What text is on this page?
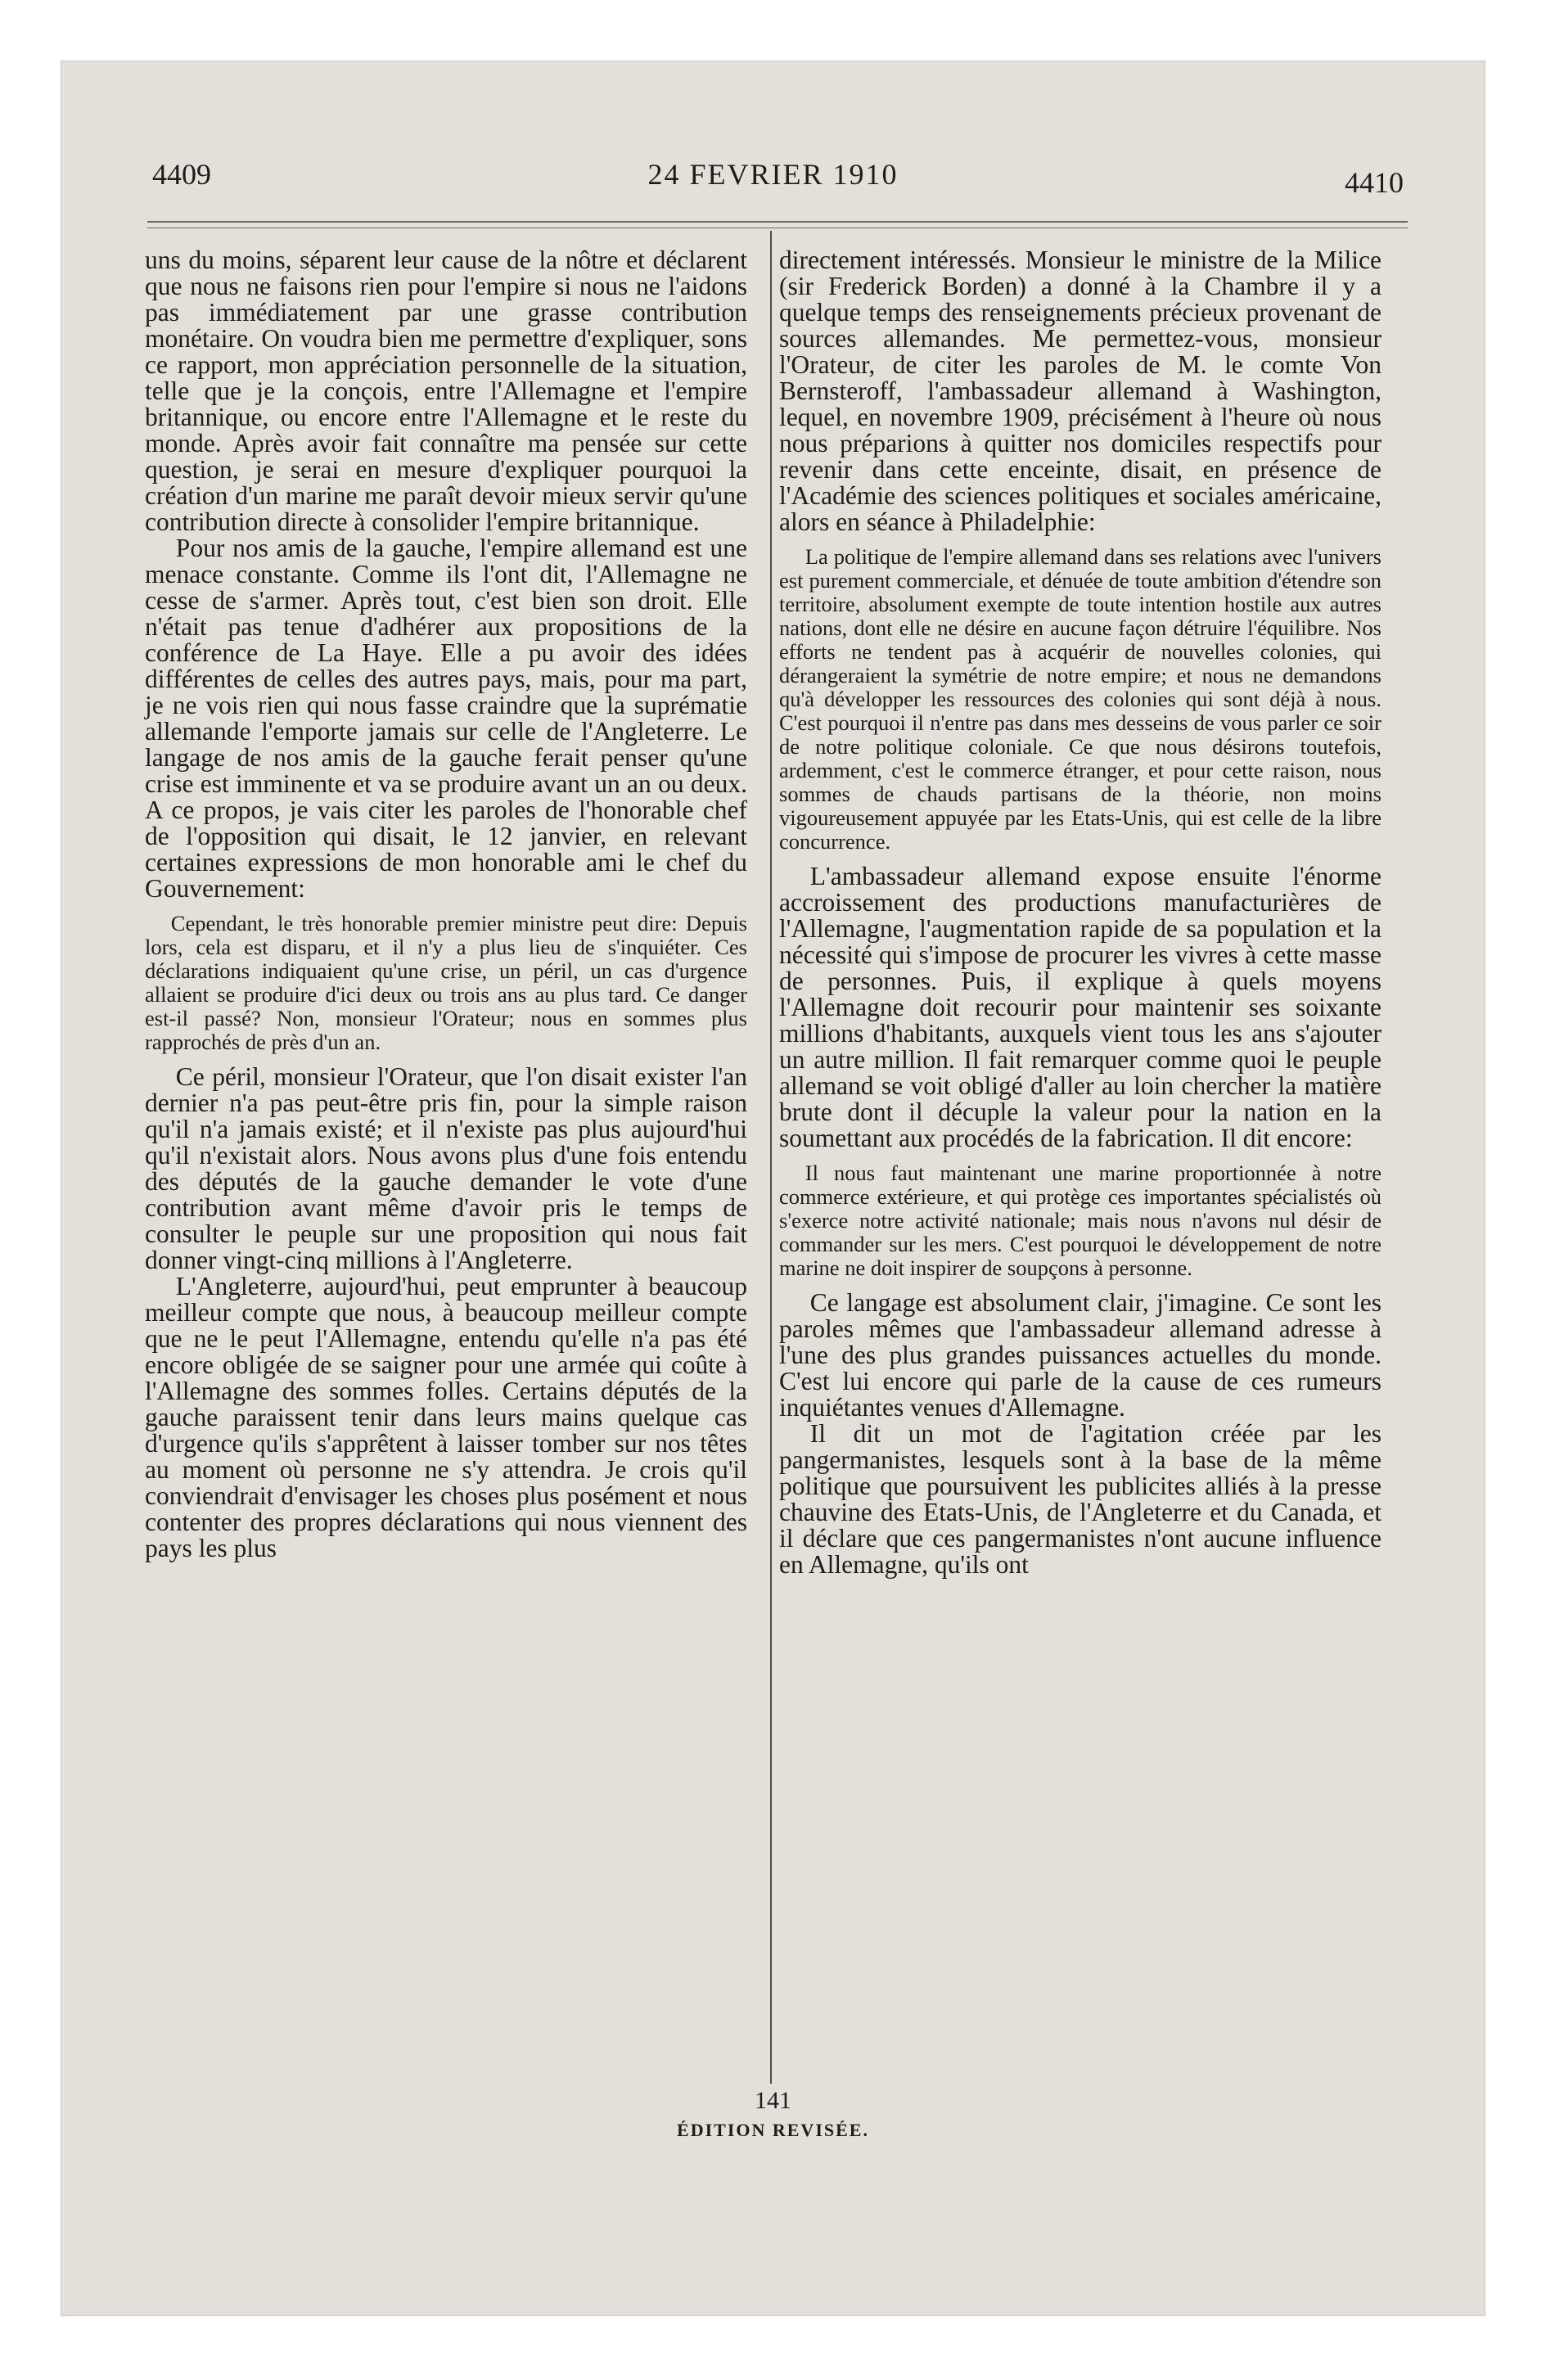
4409	24 FEVRIER 1910	4410

uns du moins, séparent leur cause de la nôtre et déclarent que nous ne faisons rien pour l'empire si nous ne l'aidons pas immédiatement par une grasse contribution monétaire. On voudra bien me permettre d'expliquer, sons ce rapport, mon appréciation personnelle de la situation, telle que je la conçois, entre l'Allemagne et l'empire britannique, ou encore entre l'Allemagne et le reste du monde. Après avoir fait connaître ma pensée sur cette question, je serai en mesure d'expliquer pourquoi la création d'un marine me paraît devoir mieux servir qu'une contribution directe à consolider l'empire britannique.

Pour nos amis de la gauche, l'empire allemand est une menace constante. Comme ils l'ont dit, l'Allemagne ne cesse de s'armer. Après tout, c'est bien son droit. Elle n'était pas tenue d'adhérer aux propositions de la conférence de La Haye. Elle a pu avoir des idées différentes de celles des autres pays, mais, pour ma part, je ne vois rien qui nous fasse craindre que la suprématie allemande l'emporte jamais sur celle de l'Angleterre. Le langage de nos amis de la gauche ferait penser qu'une crise est imminente et va se produire avant un an ou deux. A ce propos, je vais citer les paroles de l'honorable chef de l'opposition qui disait, le 12 janvier, en relevant certaines expressions de mon honorable ami le chef du Gouvernement:

Cependant, le très honorable premier ministre peut dire: Depuis lors, cela est disparu, et il n'y a plus lieu de s'inquiéter. Ces déclarations indiquaient qu'une crise, un péril, un cas d'urgence allaient se produire d'ici deux ou trois ans au plus tard. Ce danger est-il passé? Non, monsieur l'Orateur; nous en sommes plus rapprochés de près d'un an.

Ce péril, monsieur l'Orateur, que l'on disait exister l'an dernier n'a pas peut-être pris fin, pour la simple raison qu'il n'a jamais existé; et il n'existe pas plus aujourd'hui qu'il n'existait alors. Nous avons plus d'une fois entendu des députés de la gauche demander le vote d'une contribution avant même d'avoir pris le temps de consulter le peuple sur une proposition qui nous fait donner vingt-cinq millions à l'Angleterre.

L'Angleterre, aujourd'hui, peut emprunter à beaucoup meilleur compte que nous, à beaucoup meilleur compte que ne le peut l'Allemagne, entendu qu'elle n'a pas été encore obligée de se saigner pour une armée qui coûte à l'Allemagne des sommes folles. Certains députés de la gauche paraissent tenir dans leurs mains quelque cas d'urgence qu'ils s'apprêtent à laisser tomber sur nos têtes au moment où personne ne s'y attendra. Je crois qu'il conviendrait d'envisager les choses plus posément et nous contenter des propres déclarations qui nous viennent des pays les plus

directement intéressés. Monsieur le ministre de la Milice (sir Frederick Borden) a donné à la Chambre il y a quelque temps des renseignements précieux provenant de sources allemandes. Me permettez-vous, monsieur l'Orateur, de citer les paroles de M. le comte Von Bernsteroff, l'ambassadeur allemand à Washington, lequel, en novembre 1909, précisément à l'heure où nous nous préparions à quitter nos domiciles respectifs pour revenir dans cette enceinte, disait, en présence de l'Académie des sciences politiques et sociales américaine, alors en séance à Philadelphie:

La politique de l'empire allemand dans ses relations avec l'univers est purement commerciale, et dénuée de toute ambition d'étendre son territoire, absolument exempte de toute intention hostile aux autres nations, dont elle ne désire en aucune façon détruire l'équilibre. Nos efforts ne tendent pas à acquérir de nouvelles colonies, qui dérangeraient la symétrie de notre empire; et nous ne demandons qu'à développer les ressources des colonies qui sont déjà à nous. C'est pourquoi il n'entre pas dans mes desseins de vous parler ce soir de notre politique coloniale. Ce que nous désirons toutefois, ardemment, c'est le commerce étranger, et pour cette raison, nous sommes de chauds partisans de la théorie, non moins vigoureusement appuyée par les Etats-Unis, qui est celle de la libre concurrence.

L'ambassadeur allemand expose ensuite l'énorme accroissement des productions manufacturières de l'Allemagne, l'augmentation rapide de sa population et la nécessité qui s'impose de procurer les vivres à cette masse de personnes. Puis, il explique à quels moyens l'Allemagne doit recourir pour maintenir ses soixante millions d'habitants, auxquels vient tous les ans s'ajouter un autre million. Il fait remarquer comme quoi le peuple allemand se voit obligé d'aller au loin chercher la matière brute dont il décuple la valeur pour la nation en la soumettant aux procédés de la fabrication. Il dit encore:

Il nous faut maintenant une marine proportionnée à notre commerce extérieure, et qui protège ces importantes spécialistés où s'exerce notre activité nationale; mais nous n'avons nul désir de commander sur les mers. C'est pourquoi le développement de notre marine ne doit inspirer de soupçons à personne.

Ce langage est absolument clair, j'imagine. Ce sont les paroles mêmes que l'ambassadeur allemand adresse à l'une des plus grandes puissances actuelles du monde. C'est lui encore qui parle de la cause de ces rumeurs inquiétantes venues d'Allemagne.

Il dit un mot de l'agitation créée par les pangermanistes, lesquels sont à la base de la même politique que poursuivent les publicites alliés à la presse chauvine des Etats-Unis, de l'Angleterre et du Canada, et il déclare que ces pangermanistes n'ont aucune influence en Allemagne, qu'ils ont

141
ÉDITION REVISÉE.
